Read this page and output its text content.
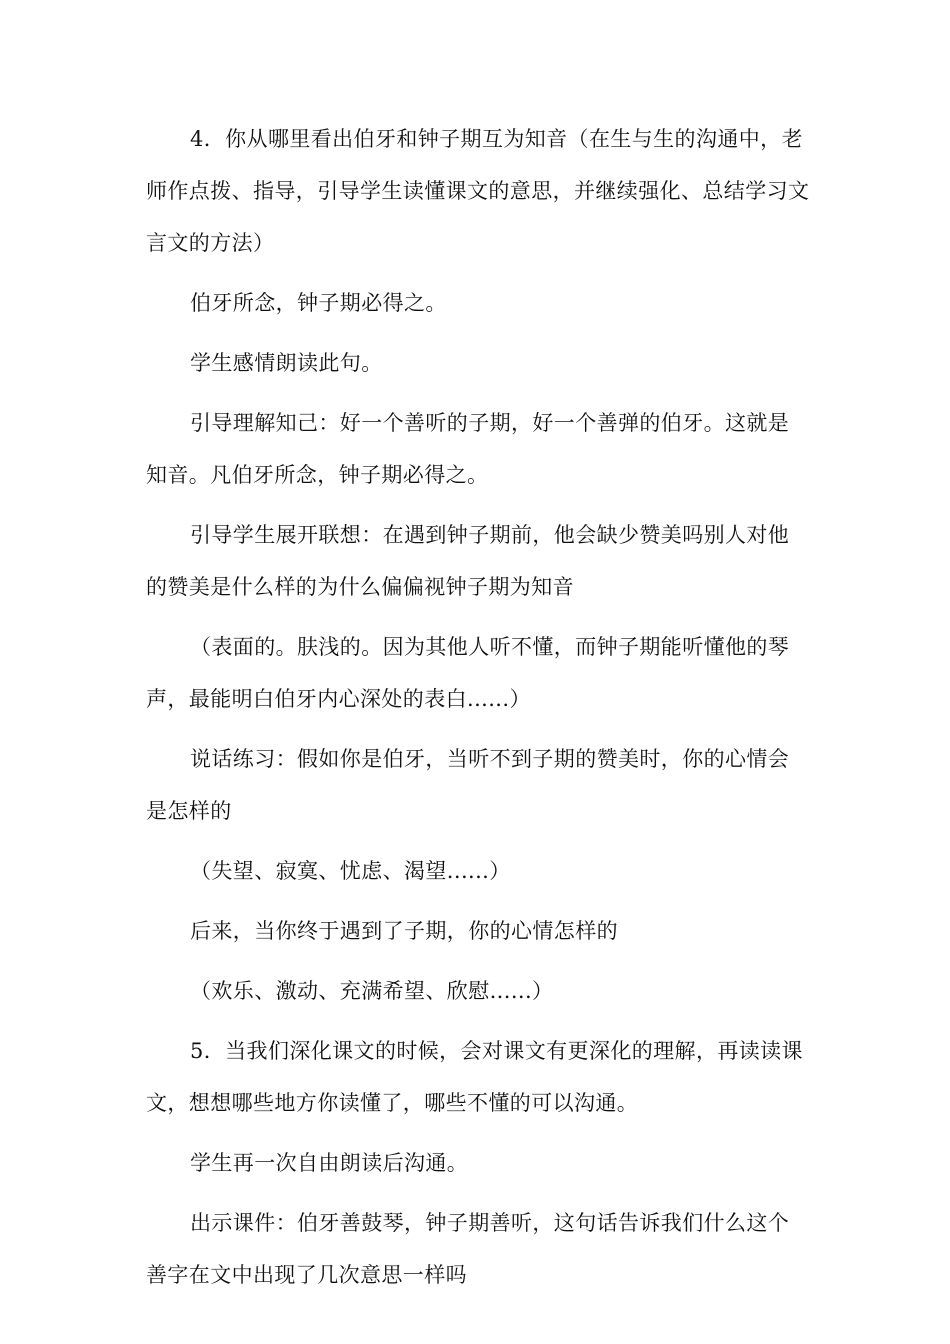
4．你从哪里看出伯牙和钟子期互为知音（在生与生的沟通中，老师作点拨、指导，引导学生读懂课文的意思，并继续强化、总结学习文言文的方法）

伯牙所念，钟子期必得之。

学生感情朗读此句。

引导理解知己：好一个善听的子期，好一个善弹的伯牙。这就是知音。凡伯牙所念，钟子期必得之。

引导学生展开联想：在遇到钟子期前，他会缺少赞美吗别人对他的赞美是什么样的为什么偏偏视钟子期为知音

（表面的。肤浅的。因为其他人听不懂，而钟子期能听懂他的琴声，最能明白伯牙内心深处的表白......）

说话练习：假如你是伯牙，当听不到子期的赞美时，你的心情会是怎样的

（失望、寂寞、忧虑、渴望......）

后来，当你终于遇到了子期，你的心情怎样的

（欢乐、激动、充满希望、欣慰......）

5．当我们深化课文的时候，会对课文有更深化的理解，再读读课文，想想哪些地方你读懂了，哪些不懂的可以沟通。

学生再一次自由朗读后沟通。

出示课件：伯牙善鼓琴，钟子期善听，这句话告诉我们什么这个善字在文中出现了几次意思一样吗
